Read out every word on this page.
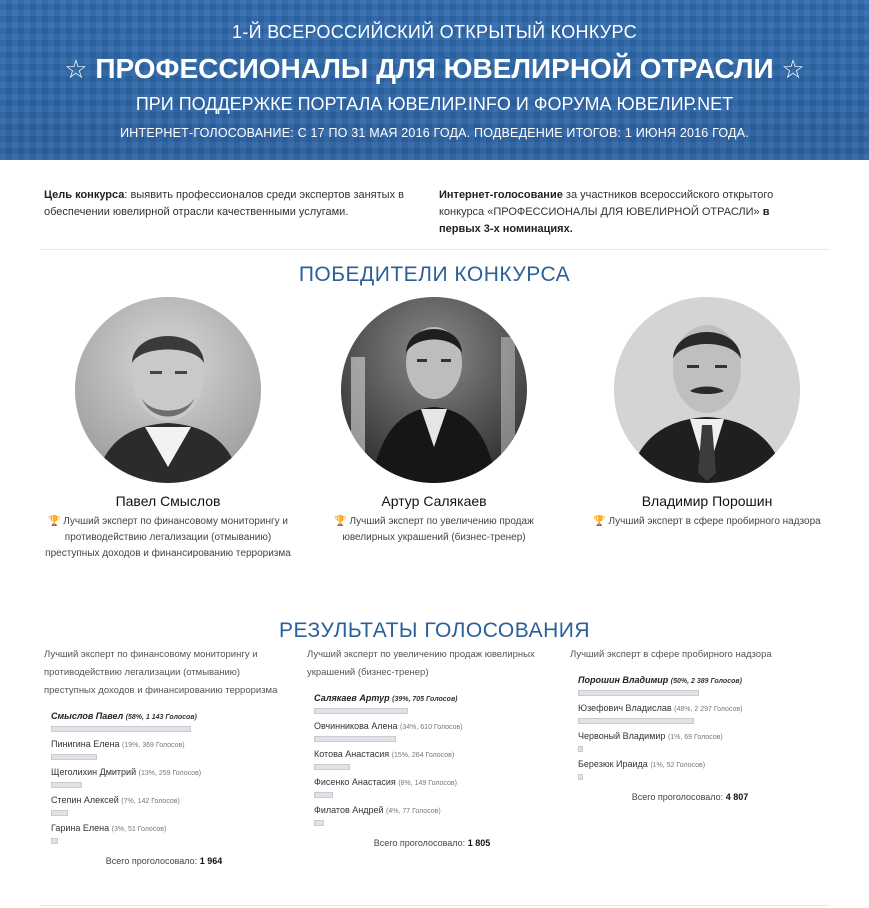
1-Й ВСЕРОССИЙСКИЙ ОТКРЫТЫЙ КОНКУРС
☆ ПРОФЕССИОНАЛЫ ДЛЯ ЮВЕЛИРНОЙ ОТРАСЛИ ☆
ПРИ ПОДДЕРЖКЕ ПОРТАЛА ЮВЕЛИР.INFO И ФОРУМА ЮВЕЛИР.NET
ИНТЕРНЕТ-ГОЛОСОВАНИЕ: С 17 ПО 31 МАЯ 2016 ГОДА. ПОДВЕДЕНИЕ ИТОГОВ: 1 ИЮНЯ 2016 ГОДА.
Цель конкурса: выявить профессионалов среди экспертов занятых в обеспечении ювелирной отрасли качественными услугами.
Интернет-голосование за участников всероссийского открытого конкурса «ПРОФЕССИОНАЛЫ ДЛЯ ЮВЕЛИРНОЙ ОТРАСЛИ» в первых 3-х номинациях.
ПОБЕДИТЕЛИ КОНКУРСА
Павел Смыслов
🏆 Лучший эксперт по финансовому мониторингу и противодействию легализации (отмыванию) преступных доходов и финансированию терроризма
Артур Салякаев
🏆 Лучший эксперт по увеличению продаж ювелирных украшений (бизнес-тренер)
Владимир Порошин
🏆 Лучший эксперт в сфере пробирного надзора
РЕЗУЛЬТАТЫ ГОЛОСОВАНИЯ
Лучший эксперт по финансовому мониторингу и противодействию легализации (отмыванию) преступных доходов и финансированию терроризма
Смыслов Павел (58%, 1 143 Голосов)
Пинигина Елена (19%, 369 Голосов)
Щеголихин Дмитрий (13%, 259 Голосов)
Степин Алексей (7%, 142 Голосов)
Гарина Елена (3%, 51 Голосов)
Всего проголосовало: 1 964
Лучший эксперт по увеличению продаж ювелирных украшений (бизнес-тренер)
Салякаев Артур (39%, 705 Голосов)
Овчинникова Алена (34%, 610 Голосов)
Котова Анастасия (15%, 264 Голосов)
Фисенко Анастасия (8%, 149 Голосов)
Филатов Андрей (4%, 77 Голосов)
Всего проголосовало: 1 805
Лучший эксперт в сфере пробирного надзора
Порошин Владимир (50%, 2 389 Голосов)
Юзефович Владислав (48%, 2 297 Голосов)
Червоный Владимир (1%, 69 Голосов)
Березюк Ираида (1%, 52 Голосов)
Всего проголосовало: 4 807
